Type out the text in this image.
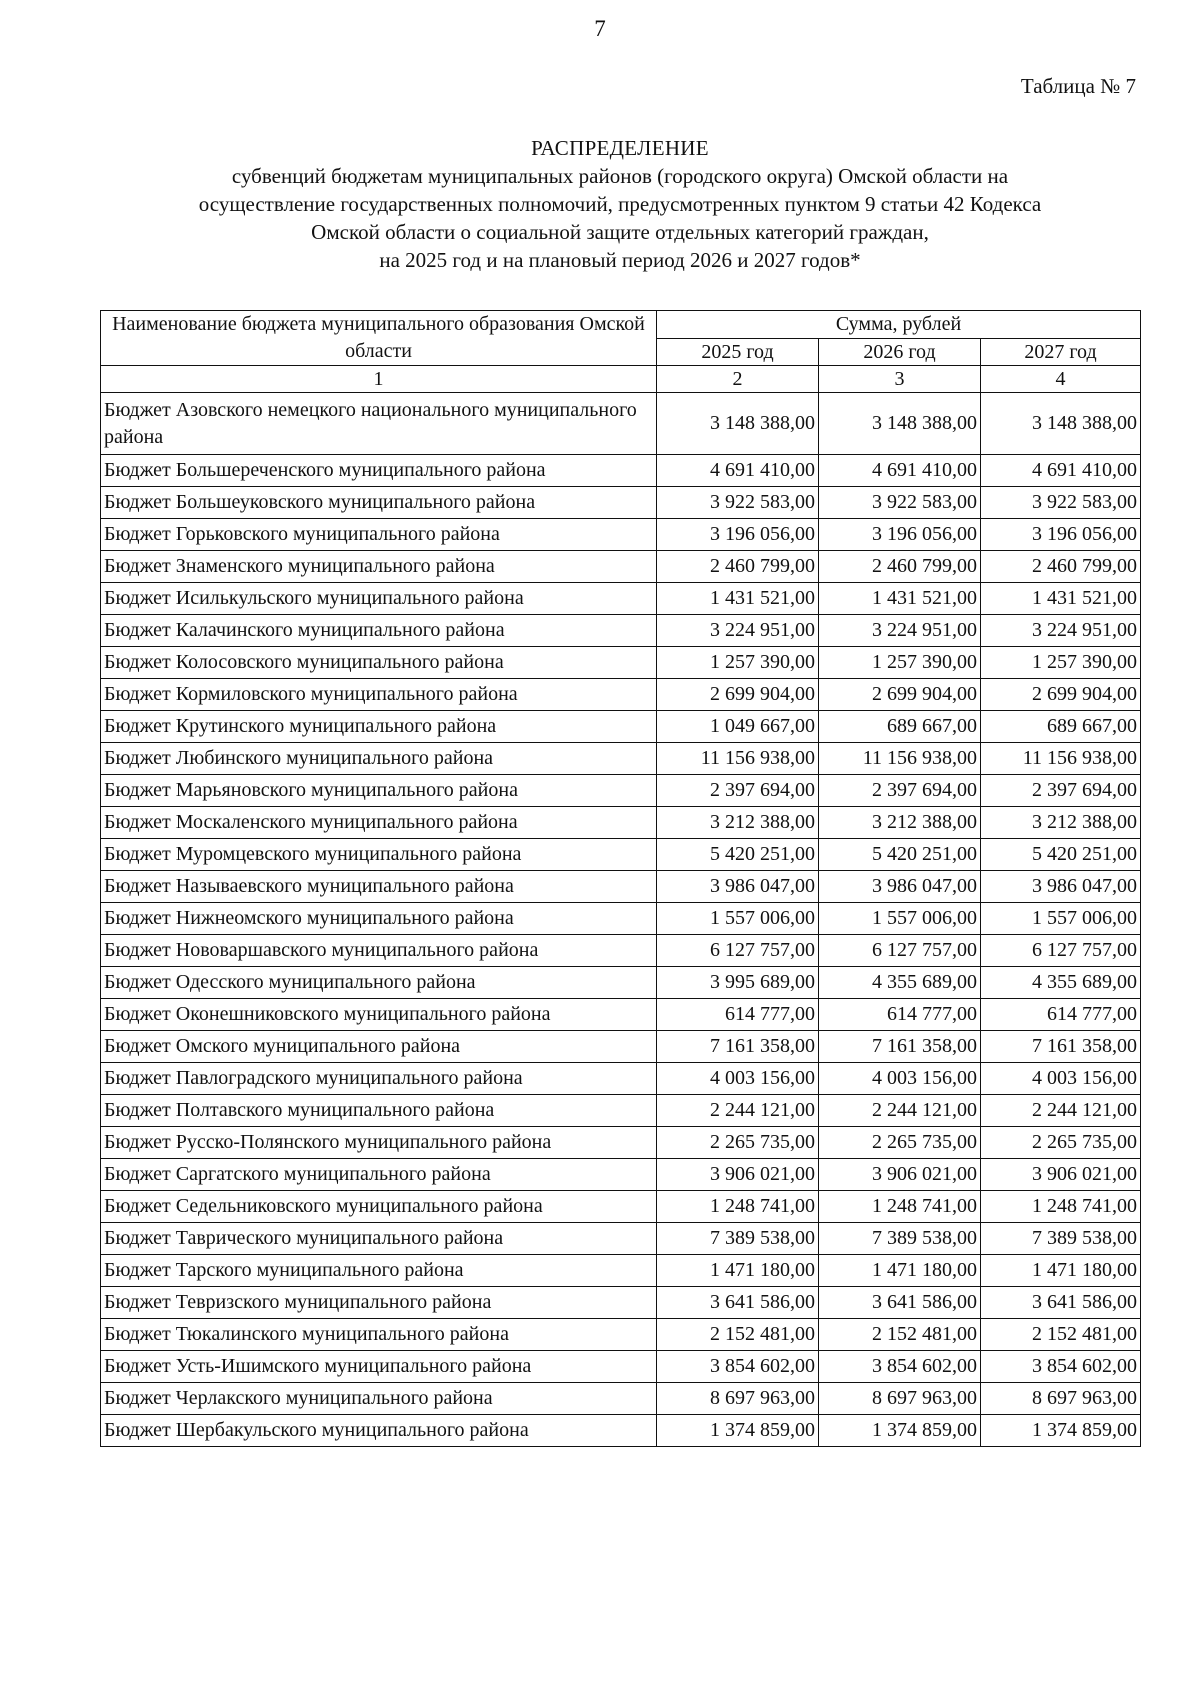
7
Таблица № 7
РАСПРЕДЕЛЕНИЕ
субвенций бюджетам муниципальных районов (городского округа) Омской области на
осуществление государственных полномочий, предусмотренных пунктом 9 статьи 42 Кодекса
Омской области о социальной защите отдельных категорий граждан,
на 2025 год и на плановый период 2026 и 2027 годов*
Наименование бюджета муниципального образования Омской области	Сумма, рублей		
	2025 год	2026 год	2027 год
1	2	3	4
Бюджет Азовского немецкого национального муниципального района	3 148 388,00	3 148 388,00	3 148 388,00
Бюджет Большереченского муниципального района	4 691 410,00	4 691 410,00	4 691 410,00
Бюджет Большеуковского муниципального района	3 922 583,00	3 922 583,00	3 922 583,00
Бюджет Горьковского муниципального района	3 196 056,00	3 196 056,00	3 196 056,00
Бюджет Знаменского муниципального района	2 460 799,00	2 460 799,00	2 460 799,00
Бюджет Исилькульского муниципального района	1 431 521,00	1 431 521,00	1 431 521,00
Бюджет Калачинского муниципального района	3 224 951,00	3 224 951,00	3 224 951,00
Бюджет Колосовского муниципального района	1 257 390,00	1 257 390,00	1 257 390,00
Бюджет Кормиловского муниципального района	2 699 904,00	2 699 904,00	2 699 904,00
Бюджет Крутинского муниципального района	1 049 667,00	689 667,00	689 667,00
Бюджет Любинского муниципального района	11 156 938,00	11 156 938,00	11 156 938,00
Бюджет Марьяновского муниципального района	2 397 694,00	2 397 694,00	2 397 694,00
Бюджет Москаленского муниципального района	3 212 388,00	3 212 388,00	3 212 388,00
Бюджет Муромцевского муниципального района	5 420 251,00	5 420 251,00	5 420 251,00
Бюджет Называевского муниципального района	3 986 047,00	3 986 047,00	3 986 047,00
Бюджет Нижнеомского муниципального района	1 557 006,00	1 557 006,00	1 557 006,00
Бюджет Нововаршавского муниципального района	6 127 757,00	6 127 757,00	6 127 757,00
Бюджет Одесского муниципального района	3 995 689,00	4 355 689,00	4 355 689,00
Бюджет Оконешниковского муниципального района	614 777,00	614 777,00	614 777,00
Бюджет Омского муниципального района	7 161 358,00	7 161 358,00	7 161 358,00
Бюджет Павлоградского муниципального района	4 003 156,00	4 003 156,00	4 003 156,00
Бюджет Полтавского муниципального района	2 244 121,00	2 244 121,00	2 244 121,00
Бюджет Русско-Полянского муниципального района	2 265 735,00	2 265 735,00	2 265 735,00
Бюджет Саргатского муниципального района	3 906 021,00	3 906 021,00	3 906 021,00
Бюджет Седельниковского муниципального района	1 248 741,00	1 248 741,00	1 248 741,00
Бюджет Таврического муниципального района	7 389 538,00	7 389 538,00	7 389 538,00
Бюджет Тарского муниципального района	1 471 180,00	1 471 180,00	1 471 180,00
Бюджет Тевризского муниципального района	3 641 586,00	3 641 586,00	3 641 586,00
Бюджет Тюкалинского муниципального района	2 152 481,00	2 152 481,00	2 152 481,00
Бюджет Усть-Ишимского муниципального района	3 854 602,00	3 854 602,00	3 854 602,00
Бюджет Черлакского муниципального района	8 697 963,00	8 697 963,00	8 697 963,00
Бюджет Шербакульского муниципального района	1 374 859,00	1 374 859,00	1 374 859,00
